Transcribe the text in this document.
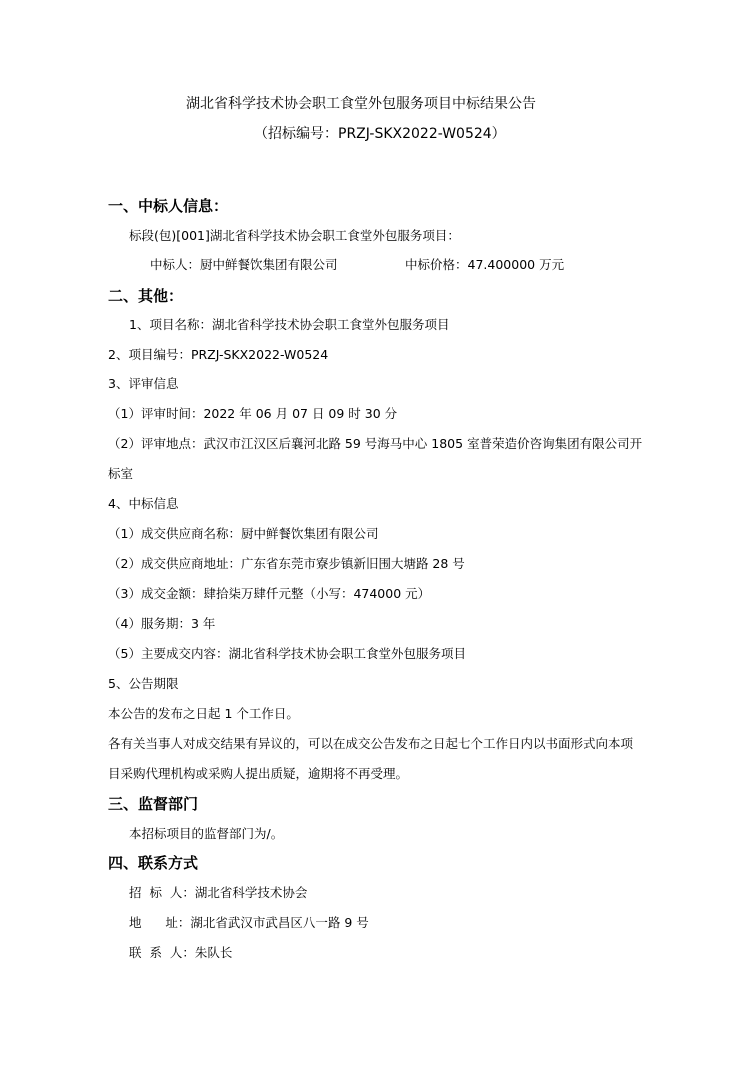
湖北省科学技术协会职工食堂外包服务项目中标结果公告
（招标编号：PRZJ-SKX2022-W0524）
一、中标人信息：
标段(包)[001]湖北省科学技术协会职工食堂外包服务项目：
中标人：厨中鲜餐饮集团有限公司	中标价格：47.400000 万元
二、其他：
1、项目名称：湖北省科学技术协会职工食堂外包服务项目
2、项目编号：PRZJ-SKX2022-W0524
3、评审信息
（1）评审时间：2022 年 06 月 07 日 09 时 30 分
（2）评审地点：武汉市江汉区后襄河北路 59 号海马中心 1805 室普荣造价咨询集团有限公司开标室
4、中标信息
（1）成交供应商名称：厨中鲜餐饮集团有限公司
（2）成交供应商地址：广东省东莞市寮步镇新旧围大塘路 28 号
（3）成交金额：肆拾柒万肆仟元整（小写：474000 元）
（4）服务期：3 年
（5）主要成交内容：湖北省科学技术协会职工食堂外包服务项目
5、公告期限
本公告的发布之日起 1 个工作日。
各有关当事人对成交结果有异议的，可以在成交公告发布之日起七个工作日内以书面形式向本项目采购代理机构或采购人提出质疑，逾期将不再受理。
三、监督部门
本招标项目的监督部门为/。
四、联系方式
招  标  人：湖北省科学技术协会
地      址：湖北省武汉市武昌区八一路 9 号
联  系  人：朱队长
